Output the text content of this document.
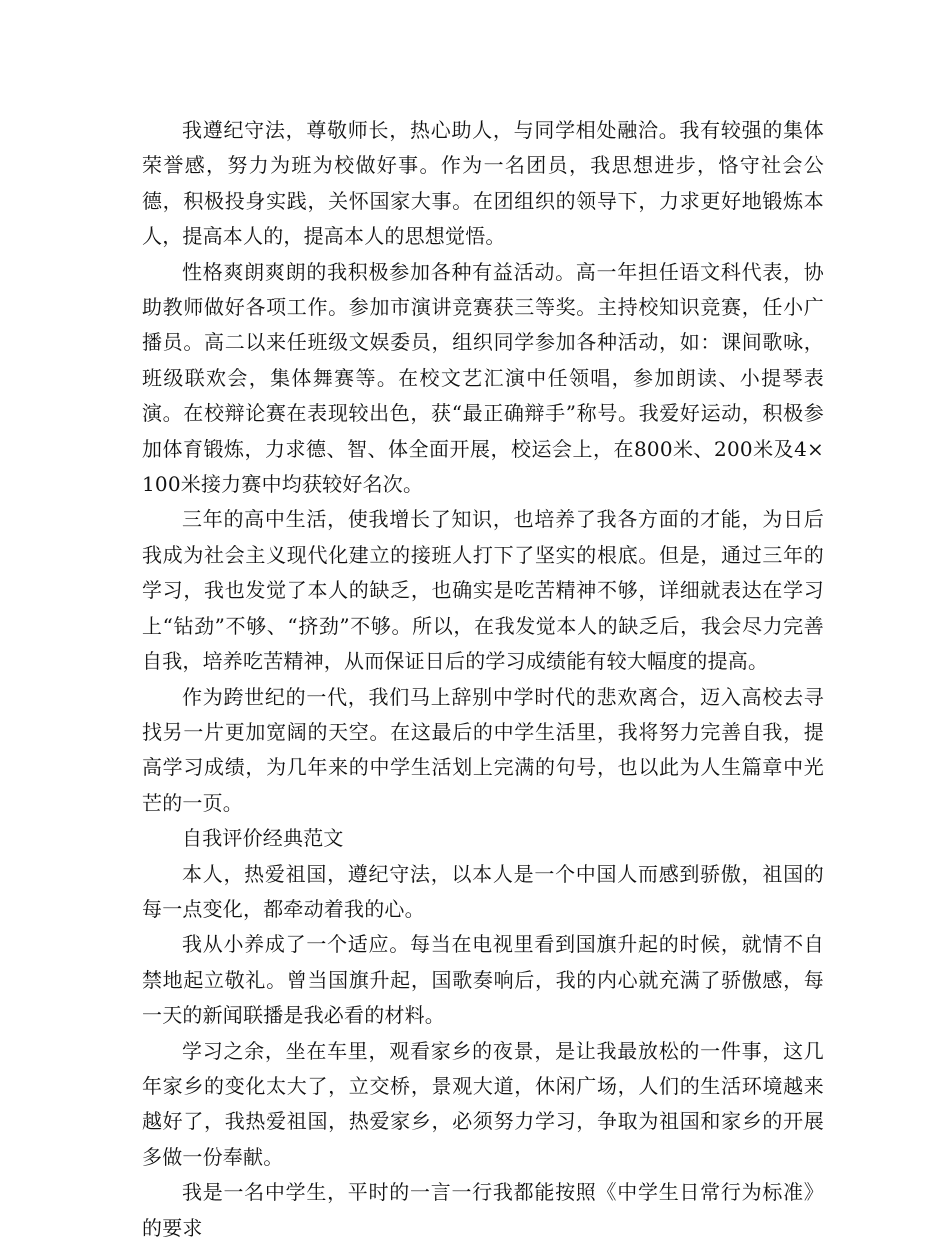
我遵纪守法，尊敬师长，热心助人，与同学相处融洽。我有较强的集体荣誉感，努力为班为校做好事。作为一名团员，我思想进步，恪守社会公德，积极投身实践，关怀国家大事。在团组织的领导下，力求更好地锻炼本人，提高本人的，提高本人的思想觉悟。

性格爽朗爽朗的我积极参加各种有益活动。高一年担任语文科代表，协助教师做好各项工作。参加市演讲竞赛获三等奖。主持校知识竞赛，任小广播员。高二以来任班级文娱委员，组织同学参加各种活动，如：课间歌咏，班级联欢会，集体舞赛等。在校文艺汇演中任领唱，参加朗读、小提琴表演。在校辩论赛在表现较出色，获“最正确辩手”称号。我爱好运动，积极参加体育锻炼，力求德、智、体全面开展，校运会上，在800米、200米及4×100米接力赛中均获较好名次。

三年的高中生活，使我增长了知识，也培养了我各方面的才能，为日后我成为社会主义现代化建立的接班人打下了坚实的根底。但是，通过三年的学习，我也发觉了本人的缺乏，也确实是吃苦精神不够，详细就表达在学习上“钻劲”不够、“挤劲”不够。所以，在我发觉本人的缺乏后，我会尽力完善自我，培养吃苦精神，从而保证日后的学习成绩能有较大幅度的提高。

作为跨世纪的一代，我们马上辞别中学时代的悲欢离合，迈入高校去寻找另一片更加宽阔的天空。在这最后的中学生活里，我将努力完善自我，提高学习成绩，为几年来的中学生活划上完满的句号，也以此为人生篇章中光芒的一页。

自我评价经典范文

本人，热爱祖国，遵纪守法，以本人是一个中国人而感到骄傲，祖国的每一点变化，都牵动着我的心。

我从小养成了一个适应。每当在电视里看到国旗升起的时候，就情不自禁地起立敬礼。曾当国旗升起，国歌奏响后，我的内心就充满了骄傲感，每一天的新闻联播是我必看的材料。

学习之余，坐在车里，观看家乡的夜景，是让我最放松的一件事，这几年家乡的变化太大了，立交桥，景观大道，休闲广场，人们的生活环境越来越好了，我热爱祖国，热爱家乡，必须努力学习，争取为祖国和家乡的开展多做一份奉献。

我是一名中学生，平时的一言一行我都能按照《中学生日常行为标准》的要求
